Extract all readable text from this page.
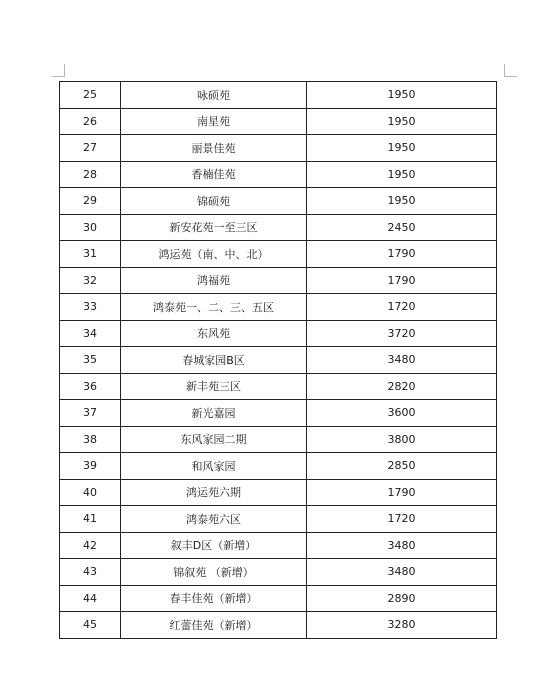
25	咏硕苑	1950
26	南星苑	1950
27	丽景佳苑	1950
28	香楠佳苑	1950
29	锦硕苑	1950
30	新安花苑一至三区	2450
31	鸿运苑（南、中、北）	1790
32	鸿福苑	1790
33	鸿泰苑一、二、三、五区	1720
34	东风苑	3720
35	春城家园B区	3480
36	新丰苑三区	2820
37	新光嘉园	3600
38	东风家园二期	3800
39	和风家园	2850
40	鸿运苑六期	1790
41	鸿泰苑六区	1720
42	叙丰D区（新增）	3480
43	锦叙苑 （新增）	3480
44	春丰佳苑（新增）	2890
45	红蕾佳苑（新增）	3280
